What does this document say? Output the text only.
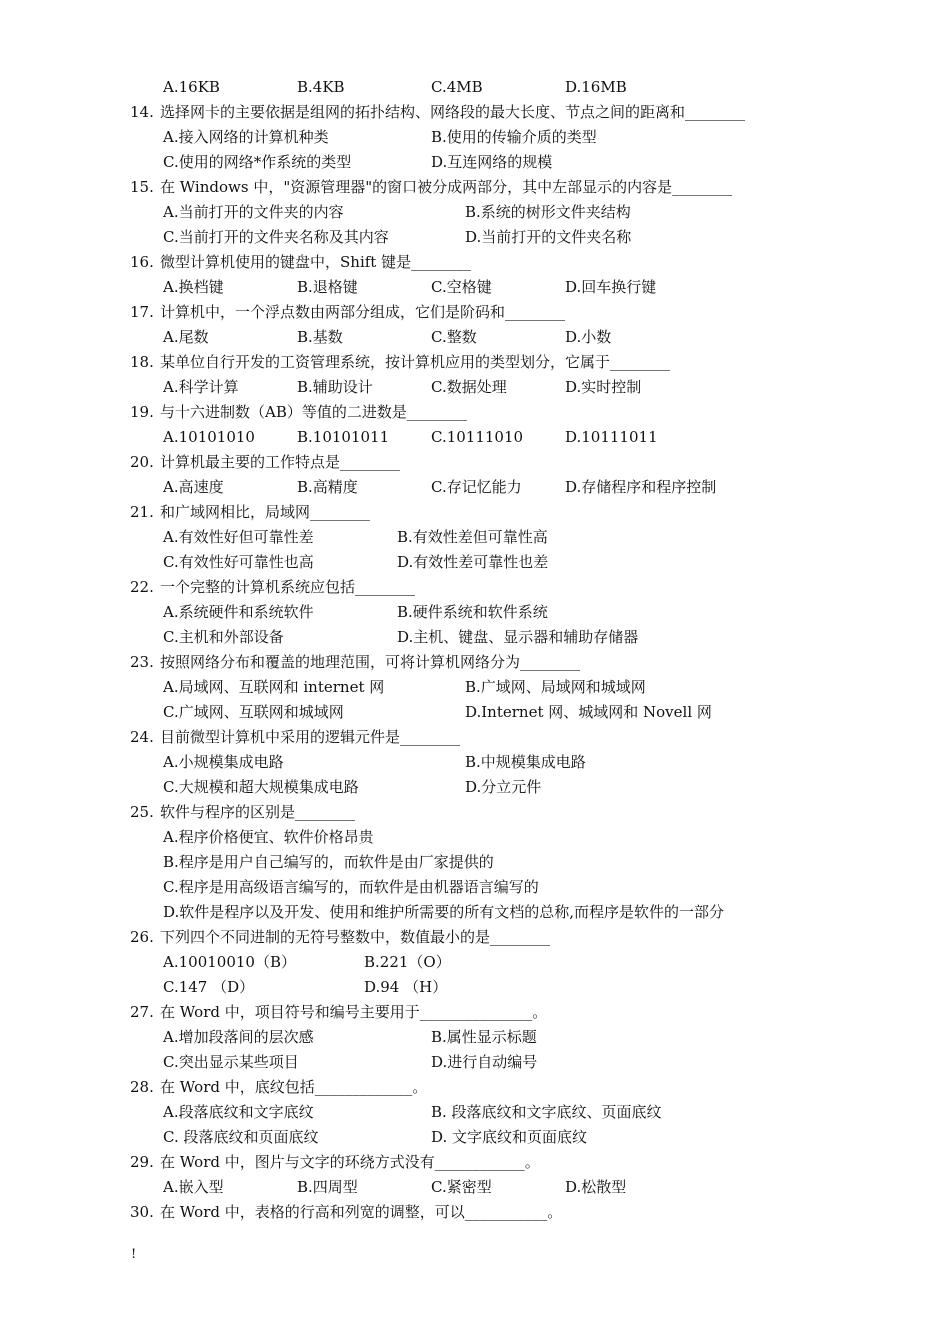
A.16KB	B.4KB	C.4MB	D.16MB
14. 选择网卡的主要依据是组网的拓扑结构、网络段的最大长度、节点之间的距离和________
A.接入网络的计算机种类	B.使用的传输介质的类型
C.使用的网络*作系统的类型	D.互连网络的规模
15. 在 Windows 中，"资源管理器"的窗口被分成两部分，其中左部显示的内容是________
A.当前打开的文件夹的内容	B.系统的树形文件夹结构
C.当前打开的文件夹名称及其内容	D.当前打开的文件夹名称
16. 微型计算机使用的键盘中，Shift 键是________
A.换档键	B.退格键	C.空格键	D.回车换行键
17. 计算机中，一个浮点数由两部分组成，它们是阶码和________
A.尾数	B.基数	C.整数	D.小数
18. 某单位自行开发的工资管理系统，按计算机应用的类型划分，它属于________
A.科学计算	B.辅助设计	C.数据处理	D.实时控制
19. 与十六进制数（AB）等值的二进数是________
A.10101010	B.10101011	C.10111010	D.10111011
20. 计算机最主要的工作特点是________
A.高速度	B.高精度	C.存记忆能力	D.存储程序和程序控制
21. 和广域网相比，局域网________
A.有效性好但可靠性差	B.有效性差但可靠性高
C.有效性好可靠性也高	D.有效性差可靠性也差
22. 一个完整的计算机系统应包括________
A.系统硬件和系统软件	B.硬件系统和软件系统
C.主机和外部设备	D.主机、键盘、显示器和辅助存储器
23. 按照网络分布和覆盖的地理范围，可将计算机网络分为________
A.局域网、互联网和 internet 网	B.广域网、局域网和城域网
C.广域网、互联网和城域网	D.Internet 网、城域网和 Novell 网
24. 目前微型计算机中采用的逻辑元件是________
A.小规模集成电路	B.中规模集成电路
C.大规模和超大规模集成电路	D.分立元件
25. 软件与程序的区别是________
A.程序价格便宜、软件价格昂贵
B.程序是用户自己编写的，而软件是由厂家提供的
C.程序是用高级语言编写的，而软件是由机器语言编写的
D.软件是程序以及开发、使用和维护所需要的所有文档的总称,而程序是软件的一部分
26. 下列四个不同进制的无符号整数中，数值最小的是________
A.10010010（B）	B.221（O）
C.147 （D）	D.94 （H）
27. 在 Word 中，项目符号和编号主要用于_______________。
A.增加段落间的层次感	B.属性显示标题
C.突出显示某些项目	D.进行自动编号
28. 在 Word 中，底纹包括_____________。
A.段落底纹和文字底纹	B. 段落底纹和文字底纹、页面底纹
C. 段落底纹和页面底纹	D. 文字底纹和页面底纹
29. 在 Word 中，图片与文字的环绕方式没有____________。
A.嵌入型	B.四周型	C.紧密型	D.松散型
30. 在 Word 中，表格的行高和列宽的调整，可以___________。
!
